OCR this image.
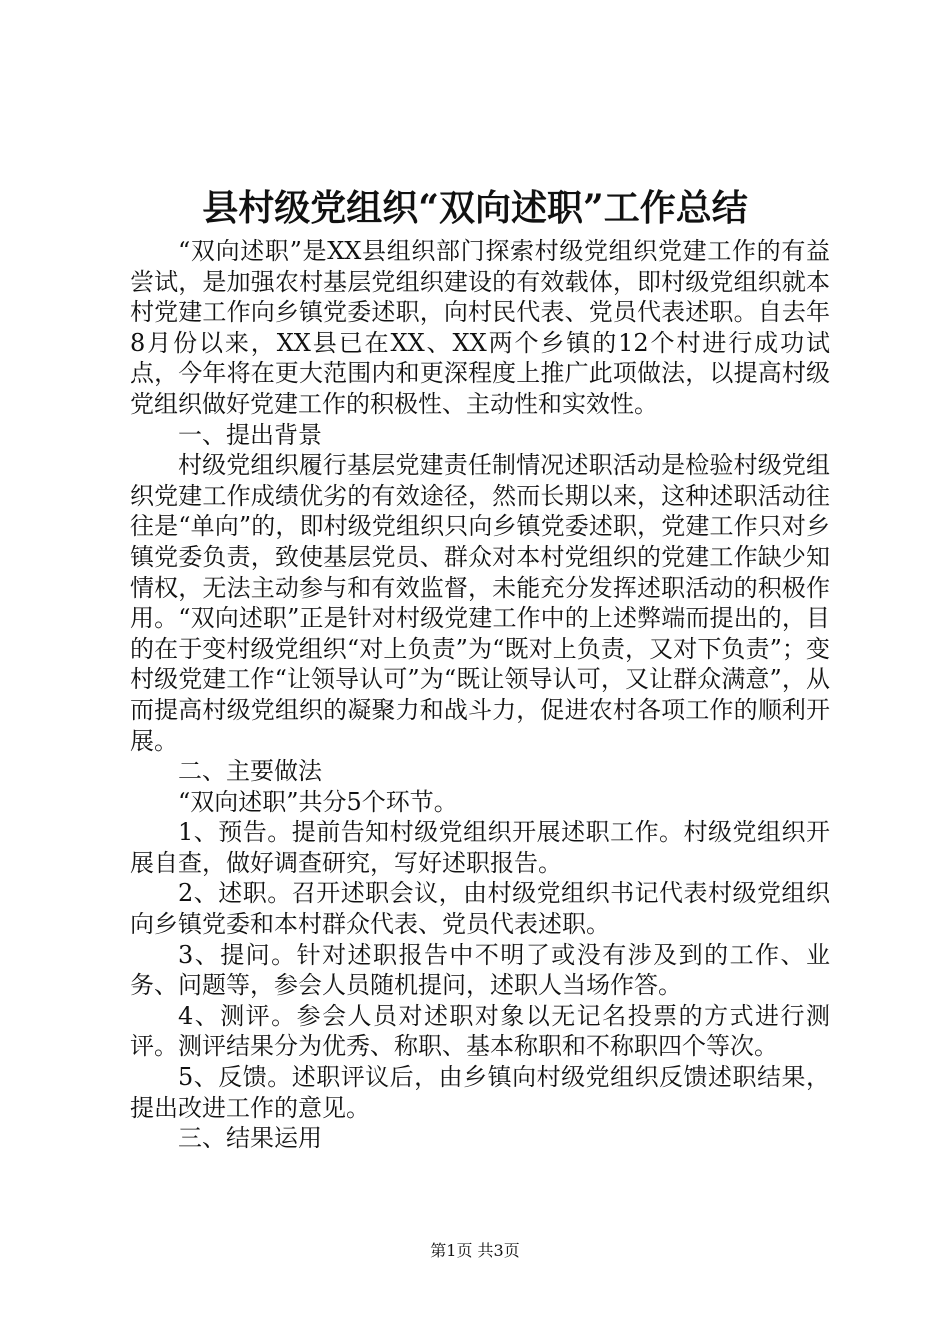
县村级党组织“双向述职”工作总结

“双向述职”是XX县组织部门探索村级党组织党建工作的有益尝试，是加强农村基层党组织建设的有效载体，即村级党组织就本村党建工作向乡镇党委述职，向村民代表、党员代表述职。自去年8月份以来，XX县已在XX、XX两个乡镇的12个村进行成功试点，今年将在更大范围内和更深程度上推广此项做法，以提高村级党组织做好党建工作的积极性、主动性和实效性。

一、提出背景

村级党组织履行基层党建责任制情况述职活动是检验村级党组织党建工作成绩优劣的有效途径，然而长期以来，这种述职活动往往是“单向”的，即村级党组织只向乡镇党委述职，党建工作只对乡镇党委负责，致使基层党员、群众对本村党组织的党建工作缺少知情权，无法主动参与和有效监督，未能充分发挥述职活动的积极作用。“双向述职”正是针对村级党建工作中的上述弊端而提出的，目的在于变村级党组织“对上负责”为“既对上负责，又对下负责”；变村级党建工作“让领导认可”为“既让领导认可，又让群众满意”，从而提高村级党组织的凝聚力和战斗力，促进农村各项工作的顺利开展。

二、主要做法

“双向述职”共分5个环节。

1、预告。提前告知村级党组织开展述职工作。村级党组织开展自查，做好调查研究，写好述职报告。

2、述职。召开述职会议，由村级党组织书记代表村级党组织向乡镇党委和本村群众代表、党员代表述职。

3、提问。针对述职报告中不明了或没有涉及到的工作、业务、问题等，参会人员随机提问，述职人当场作答。

4、测评。参会人员对述职对象以无记名投票的方式进行测评。测评结果分为优秀、称职、基本称职和不称职四个等次。

5、反馈。述职评议后，由乡镇向村级党组织反馈述职结果，提出改进工作的意见。

三、结果运用

第1页 共3页
